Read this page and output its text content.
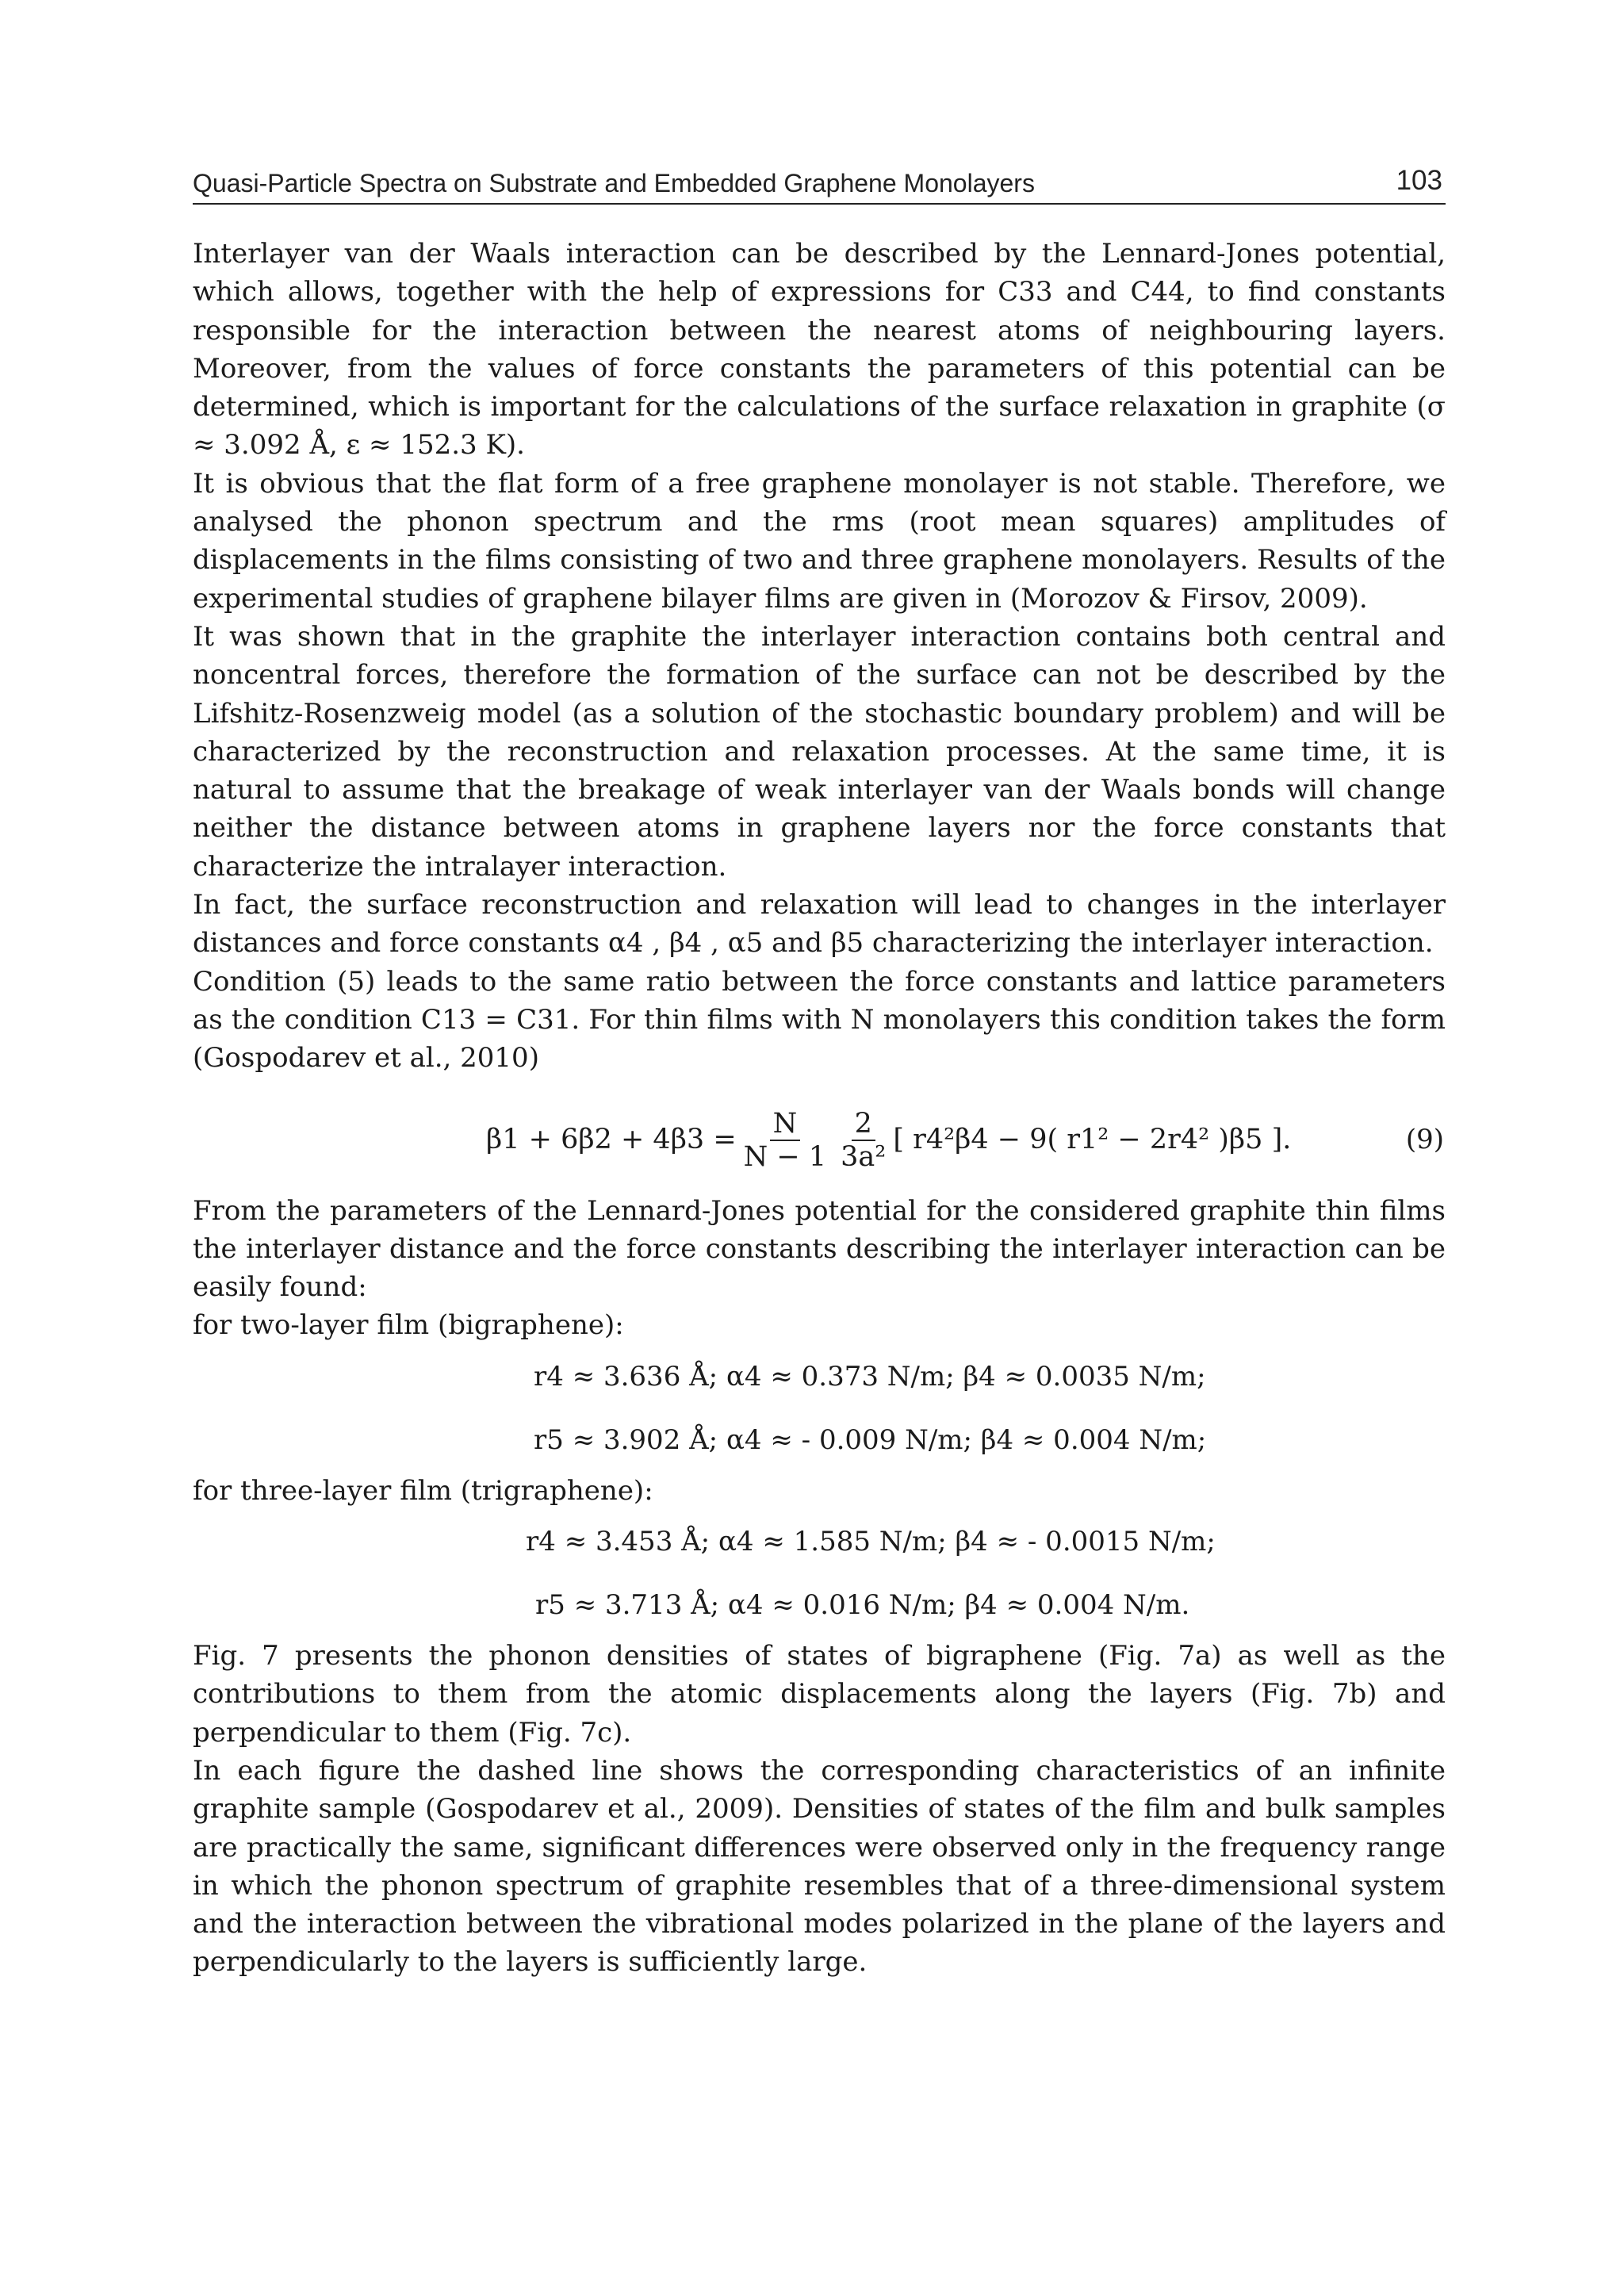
Quasi-Particle Spectra on Substrate and Embedded Graphene Monolayers	103

Interlayer van der Waals interaction can be described by the Lennard-Jones potential, which allows, together with the help of expressions for C33 and C44, to find constants responsible for the interaction between the nearest atoms of neighbouring layers. Moreover, from the values of force constants the parameters of this potential can be determined, which is important for the calculations of the surface relaxation in graphite (σ ≈ 3.092 Å, ε ≈ 152.3 K).

It is obvious that the flat form of a free graphene monolayer is not stable. Therefore, we analysed the phonon spectrum and the rms (root mean squares) amplitudes of displacements in the films consisting of two and three graphene monolayers. Results of the experimental studies of graphene bilayer films are given in (Morozov & Firsov, 2009).

It was shown that in the graphite the interlayer interaction contains both central and noncentral forces, therefore the formation of the surface can not be described by the Lifshitz-Rosenzweig model (as a solution of the stochastic boundary problem) and will be characterized by the reconstruction and relaxation processes. At the same time, it is natural to assume that the breakage of weak interlayer van der Waals bonds will change neither the distance between atoms in graphene layers nor the force constants that characterize the intralayer interaction.

In fact, the surface reconstruction and relaxation will lead to changes in the interlayer distances and force constants α4 , β4 , α5 and β5 characterizing the interlayer interaction.

Condition (5) leads to the same ratio between the force constants and lattice parameters as the condition C13 = C31. For thin films with N monolayers this condition takes the form (Gospodarev et al., 2010)

$\beta 1 + 6\beta 2 + 4\beta 3 = \frac{N}{N - 1} \frac{2}{\text{3a²}}$ [ r4²β4 − 9( r1² − 2r4² )β5 ] .	(9)

From the parameters of the Lennard-Jones potential for the considered graphite thin films the interlayer distance and the force constants describing the interlayer interaction can be easily found:

for two-layer film (bigraphene):

r4 ≈ 3.636 Å; α4 ≈ 0.373 N/m; β4 ≈ 0.0035 N/m;
r5 ≈ 3.902 Å; α4 ≈ - 0.009 N/m; β4 ≈ 0.004 N/m;

for three-layer film (trigraphene):

r4 ≈ 3.453 Å; α4 ≈ 1.585 N/m; β4 ≈ - 0.0015 N/m;
r5 ≈ 3.713 Å; α4 ≈ 0.016 N/m; β4 ≈ 0.004 N/m.

Fig. 7 presents the phonon densities of states of bigraphene (Fig. 7a) as well as the contributions to them from the atomic displacements along the layers (Fig. 7b) and perpendicular to them (Fig. 7c).

In each figure the dashed line shows the corresponding characteristics of an infinite graphite sample (Gospodarev et al., 2009). Densities of states of the film and bulk samples are practically the same, significant differences were observed only in the frequency range in which the phonon spectrum of graphite resembles that of a three-dimensional system and the interaction between the vibrational modes polarized in the plane of the layers and perpendicularly to the layers is sufficiently large.
